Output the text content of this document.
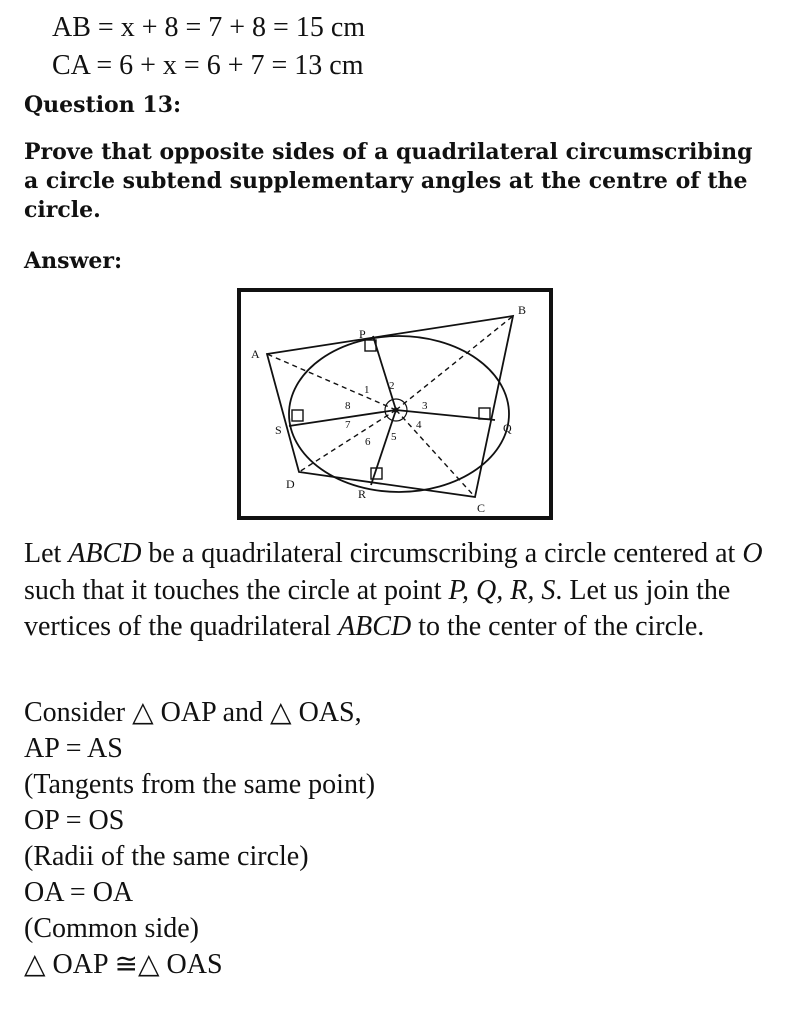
AB = x + 8 = 7 + 8 = 15 cm
CA = 6 + x = 6 + 7 = 13 cm
Question 13:
Prove that opposite sides of a quadrilateral circumscribing a circle subtend supplementary angles at the centre of the circle.
Answer:
A
B
C
D
P
Q
R
S
1 2
3
4
5
6
7
8
Let ABCD be a quadrilateral circumscribing a circle centered at O such that it touches the circle at point P, Q, R, S. Let us join the vertices of the quadrilateral ABCD to the center of the circle.
Consider △ OAP and △ OAS,
AP = AS
(Tangents from the same point)
OP = OS
(Radii of the same circle)
OA = OA
(Common side)
△ OAP ≅△ OAS
